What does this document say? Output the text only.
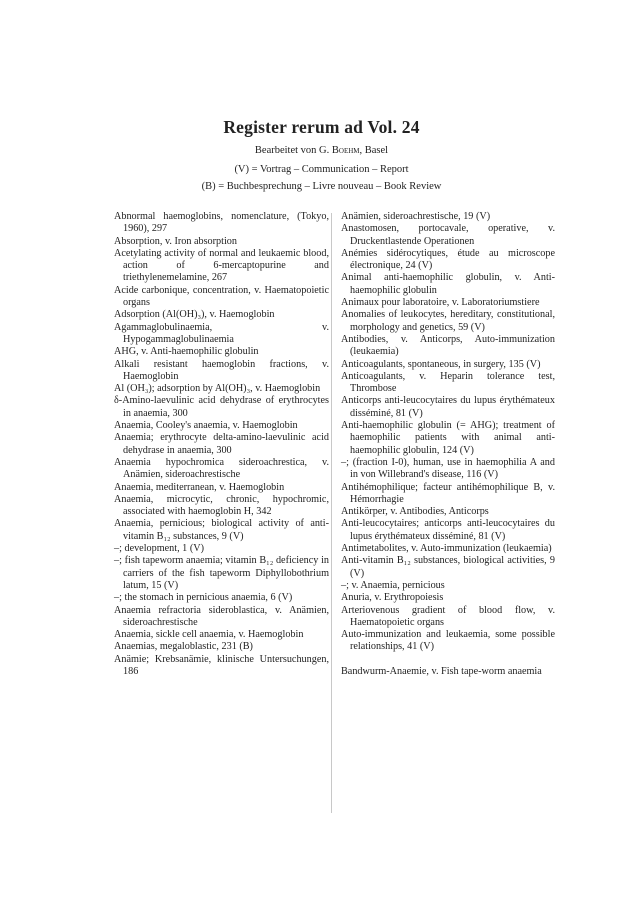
Register rerum ad Vol. 24
Bearbeitet von G. Boehm, Basel
(V) = Vortrag – Communication – Report
(B) = Buchbesprechung – Livre nouveau – Book Review

Abnormal haemoglobins, nomenclature, (Tokyo, 1960), 297

Absorption, v. Iron absorption

Acetylating activity of normal and leukaemic blood, action of 6-mercaptopurine and triethylenemelamine, 267

Acide carbonique, concentration, v. Haematopoietic organs

Adsorption (Al(OH)₃), v. Haemoglobin

Agammaglobulinaemia, v. Hypogammaglobulinaemia

AHG, v. Anti-haemophilic globulin

Alkali resistant haemoglobin fractions, v. Haemoglobin

Al (OH₃); adsorption by Al(OH)₃, v. Haemoglobin

δ-Amino-laevulinic acid dehydrase of erythrocytes in anaemia, 300

Anaemia, Cooley's anaemia, v. Haemoglobin

Anaemia; erythrocyte delta-amino-laevulinic acid dehydrase in anaemia, 300

Anaemia hypochromica sideroachrestica, v. Anämien, sideroachrestische

Anaemia, mediterranean, v. Haemoglobin

Anaemia, microcytic, chronic, hypochromic, associated with haemoglobin H, 342

Anaemia, pernicious; biological activity of anti-vitamin B₁₂ substances, 9 (V)

–; development, 1 (V)

–; fish tapeworm anaemia; vitamin B₁₂ deficiency in carriers of the fish tapeworm Diphyllobothrium latum, 15 (V)

–; the stomach in pernicious anaemia, 6 (V)

Anaemia refractoria sideroblastica, v. Anämien, sideroachrestische

Anaemia, sickle cell anaemia, v. Haemoglobin

Anaemias, megaloblastic, 231 (B)

Anämie; Krebsanämie, klinische Untersuchungen, 186

Anämien, sideroachrestische, 19 (V)

Anastomosen, portocavale, operative, v. Druckentlastende Operationen

Anémies sidérocytiques, étude au microscope électronique, 24 (V)

Animal anti-haemophilic globulin, v. Anti-haemophilic globulin

Animaux pour laboratoire, v. Laboratoriumstiere

Anomalies of leukocytes, hereditary, constitutional, morphology and genetics, 59 (V)

Antibodies, v. Anticorps, Auto-immunization (leukaemia)

Anticoagulants, spontaneous, in surgery, 135 (V)

Anticoagulants, v. Heparin tolerance test, Thrombose

Anticorps anti-leucocytaires du lupus érythémateux disséminé, 81 (V)

Anti-haemophilic globulin (= AHG); treatment of haemophilic patients with animal anti-haemophilic globulin, 124 (V)

–; (fraction I-0), human, use in haemophilia A and in von Willebrand's disease, 116 (V)

Antihémophilique; facteur antihémophilique B, v. Hémorrhagie

Antikörper, v. Antibodies, Anticorps

Anti-leucocytaires; anticorps anti-leucocytaires du lupus érythémateux disséminé, 81 (V)

Antimetabolites, v. Auto-immunization (leukaemia)

Anti-vitamin B₁₂ substances, biological activities, 9 (V)

–; v. Anaemia, pernicious

Anuria, v. Erythropoiesis

Arteriovenous gradient of blood flow, v. Haematopoietic organs

Auto-immunization and leukaemia, some possible relationships, 41 (V)

Bandwurm-Anaemie, v. Fish tape-worm anaemia
